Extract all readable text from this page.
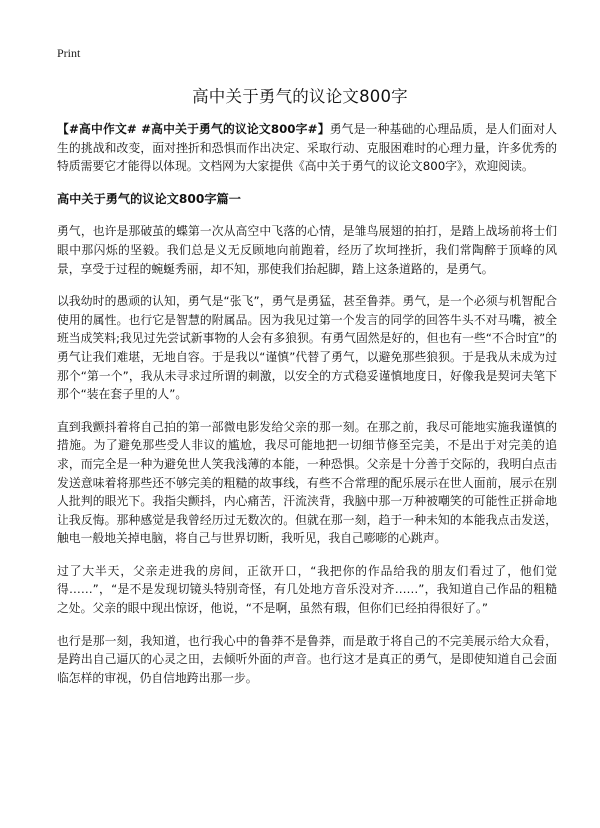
Print
高中关于勇气的议论文800字

【#高中作文# #高中关于勇气的议论文800字#】勇气是一种基础的心理品质，是人们面对人生的挑战和改变，面对挫折和恐惧而作出决定、采取行动、克服困难时的心理力量，许多优秀的特质需要它才能得以体现。文档网为大家提供《高中关于勇气的议论文800字》，欢迎阅读。

高中关于勇气的议论文800字篇一

勇气，也许是那破茧的蝶第一次从高空中飞落的心情，是雏鸟展翅的拍打，是踏上战场前将士们眼中那闪烁的坚毅。我们总是义无反顾地向前跑着，经历了坎坷挫折，我们常陶醉于顶峰的风景，享受于过程的蜿蜒秀丽，却不知，那使我们抬起脚，踏上这条道路的，是勇气。

以我幼时的愚顽的认知，勇气是“张飞”，勇气是勇猛，甚至鲁莽。勇气，是一个必须与机智配合使用的属性。也行它是智慧的附属品。因为我见过第一个发言的同学的回答牛头不对马嘴，被全班当成笑料;我见过先尝试新事物的人会有多狼狈。有勇气固然是好的，但也有一些“不合时宜”的勇气让我们难堪，无地自容。于是我以“谨慎”代替了勇气，以避免那些狼狈。于是我从未成为过那个“第一个”，我从未寻求过所谓的刺激，以安全的方式稳妥谨慎地度日，好像我是契诃夫笔下那个“装在套子里的人”。

直到我颤抖着将自己拍的第一部微电影发给父亲的那一刻。在那之前，我尽可能地实施我谨慎的措施。为了避免那些受人非议的尴尬，我尽可能地把一切细节修至完美，不是出于对完美的追求，而完全是一种为避免世人笑我浅薄的本能，一种恐惧。父亲是十分善于交际的，我明白点击发送意味着将那些还不够完美的粗糙的故事线，有些不合常理的配乐展示在世人面前，展示在别人批判的眼光下。我指尖颤抖，内心痛苦，汗流浃背，我脑中那一万种被嘲笑的可能性正拼命地让我反悔。那种感觉是我曾经历过无数次的。但就在那一刻，趋于一种未知的本能我点击发送，触电一般地关掉电脑，将自己与世界切断，我听见，我自己嘭嘭的心跳声。

过了大半天，父亲走进我的房间，正欲开口，“我把你的作品给我的朋友们看过了，他们觉得……”，“是不是发现切镜头特别奇怪，有几处地方音乐没对齐……”，我知道自己作品的粗糙之处。父亲的眼中现出惊讶，他说，“不是啊，虽然有瑕，但你们已经拍得很好了。”

也行是那一刻，我知道，也行我心中的鲁莽不是鲁莽，而是敢于将自己的不完美展示给大众看，是跨出自己逼仄的心灵之田，去倾听外面的声音。也行这才是真正的勇气，是即使知道自己会面临怎样的审视，仍自信地跨出那一步。
